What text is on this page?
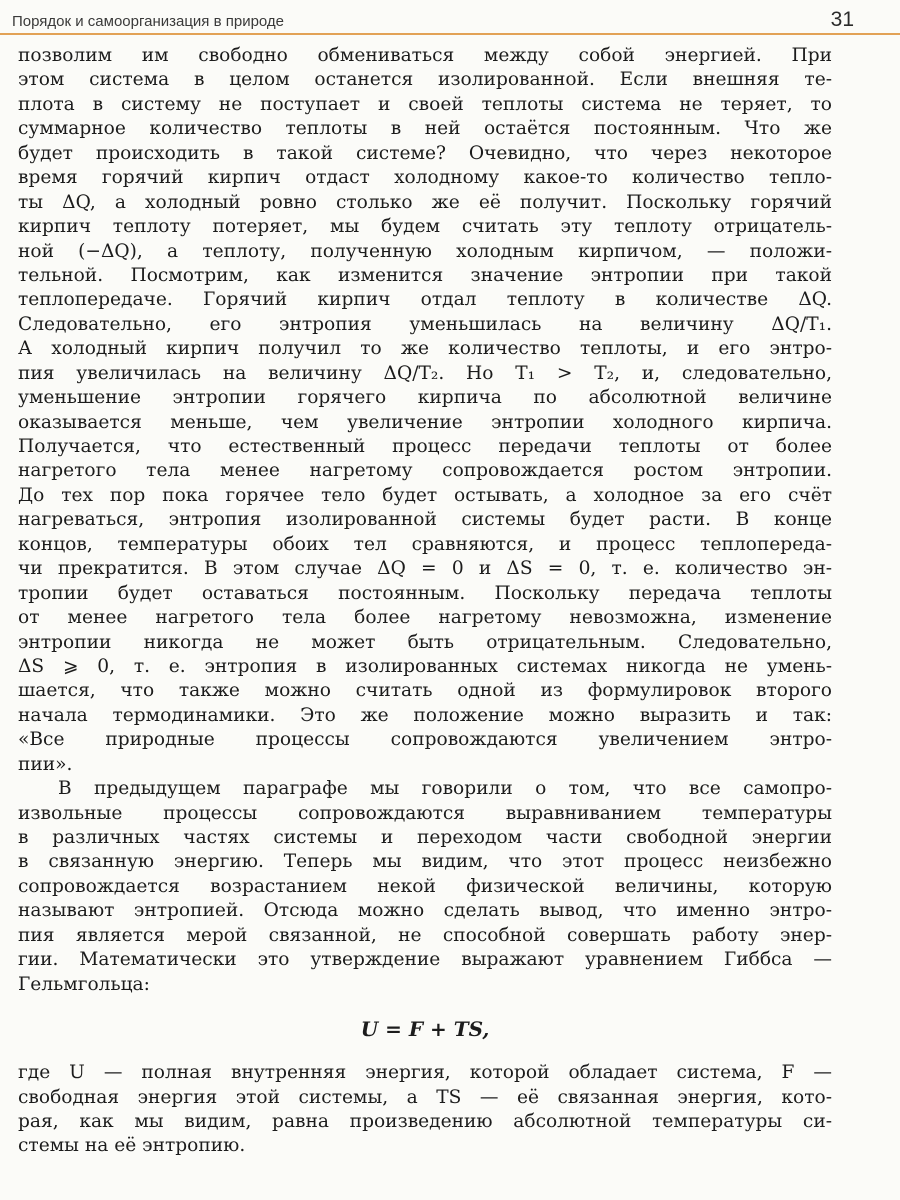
Порядок и самоорганизация в природе	31
позволим им свободно обмениваться между собой энергией. При
этом система в целом останется изолированной. Если внешняя те-
плота в систему не поступает и своей теплоты система не теряет, то
суммарное количество теплоты в ней остаётся постоянным. Что же
будет происходить в такой системе? Очевидно, что через некоторое
время горячий кирпич отдаст холодному какое-то количество тепло-
ты ΔQ, а холодный ровно столько же её получит. Поскольку горячий
кирпич теплоту потеряет, мы будем считать эту теплоту отрицатель-
ной (−ΔQ), а теплоту, полученную холодным кирпичом, — положи-
тельной. Посмотрим, как изменится значение энтропии при такой
теплопередаче. Горячий кирпич отдал теплоту в количестве ΔQ.
Следовательно, его энтропия уменьшилась на величину ΔQ/T₁.
А холодный кирпич получил то же количество теплоты, и его энтро-
пия увеличилась на величину ΔQ/T₂. Но T₁ > T₂, и, следовательно,
уменьшение энтропии горячего кирпича по абсолютной величине
оказывается меньше, чем увеличение энтропии холодного кирпича.
Получается, что естественный процесс передачи теплоты от более
нагретого тела менее нагретому сопровождается ростом энтропии.
До тех пор пока горячее тело будет остывать, а холодное за его счёт
нагреваться, энтропия изолированной системы будет расти. В конце
концов, температуры обоих тел сравняются, и процесс теплопереда-
чи прекратится. В этом случае ΔQ = 0 и ΔS = 0, т. е. количество эн-
тропии будет оставаться постоянным. Поскольку передача теплоты
от менее нагретого тела более нагретому невозможна, изменение
энтропии никогда не может быть отрицательным. Следовательно,
ΔS ⩾ 0, т. е. энтропия в изолированных системах никогда не умень-
шается, что также можно считать одной из формулировок второго
начала термодинамики. Это же положение можно выразить и так:
«Все природные процессы сопровождаются увеличением энтро-
пии».
В предыдущем параграфе мы говорили о том, что все самопро-
извольные процессы сопровождаются выравниванием температуры
в различных частях системы и переходом части свободной энергии
в связанную энергию. Теперь мы видим, что этот процесс неизбежно
сопровождается возрастанием некой физической величины, которую
называют энтропией. Отсюда можно сделать вывод, что именно энтро-
пия является мерой связанной, не способной совершать работу энер-
гии. Математически это утверждение выражают уравнением Гиббса —
Гельмгольца:
U = F + TS,
где U — полная внутренняя энергия, которой обладает система, F —
свободная энергия этой системы, а TS — её связанная энергия, кото-
рая, как мы видим, равна произведению абсолютной температуры си-
стемы на её энтропию.
